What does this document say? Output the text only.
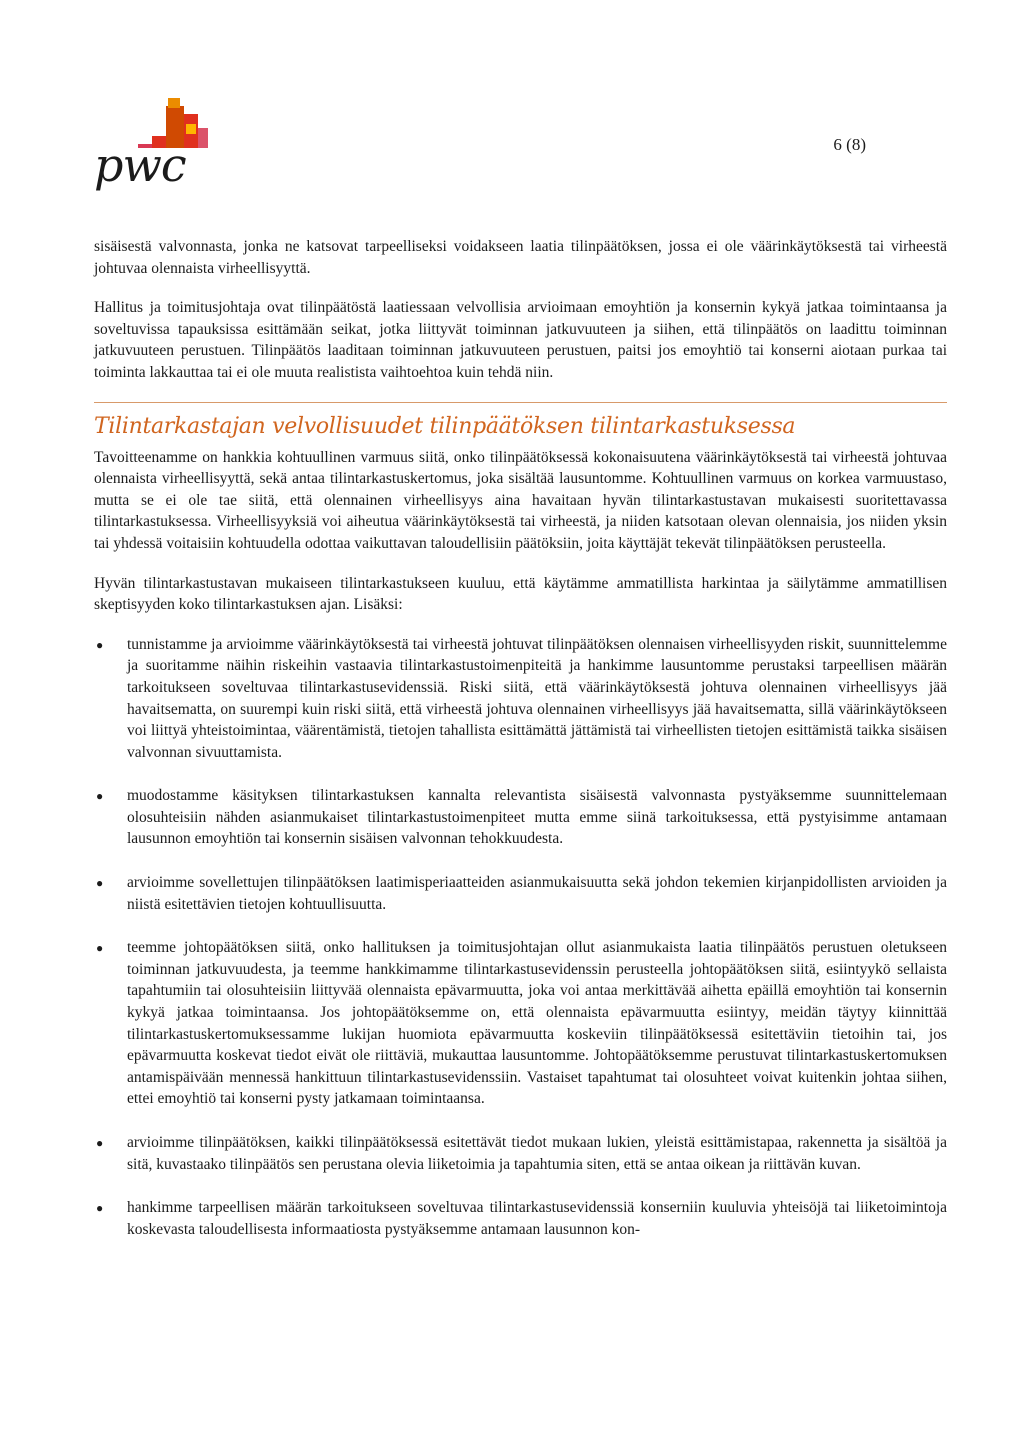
pwc	6 (8)

sisäisestä valvonnasta, jonka ne katsovat tarpeelliseksi voidakseen laatia tilinpäätöksen, jossa ei ole väärinkäytöksestä tai virheestä johtuvaa olennaista virheellisyyttä.

Hallitus ja toimitusjohtaja ovat tilinpäätöstä laatiessaan velvollisia arvioimaan emoyhtiön ja konsernin kykyä jatkaa toimintaansa ja soveltuvissa tapauksissa esittämään seikat, jotka liittyvät toiminnan jatkuvuuteen ja siihen, että tilinpäätös on laadittu toiminnan jatkuvuuteen perustuen. Tilinpäätös laaditaan toiminnan jatkuvuuteen perustuen, paitsi jos emoyhtiö tai konserni aiotaan purkaa tai toiminta lakkauttaa tai ei ole muuta realistista vaihtoehtoa kuin tehdä niin.

Tilintarkastajan velvollisuudet tilinpäätöksen tilintarkastuksessa

Tavoitteenamme on hankkia kohtuullinen varmuus siitä, onko tilinpäätöksessä kokonaisuutena väärinkäytöksestä tai virheestä johtuvaa olennaista virheellisyyttä, sekä antaa tilintarkastuskertomus, joka sisältää lausuntomme. Kohtuullinen varmuus on korkea varmuustaso, mutta se ei ole tae siitä, että olennainen virheellisyys aina havaitaan hyvän tilintarkastustavan mukaisesti suoritettavassa tilintarkastuksessa. Virheellisyyksiä voi aiheutua väärinkäytöksestä tai virheestä, ja niiden katsotaan olevan olennaisia, jos niiden yksin tai yhdessä voitaisiin kohtuudella odottaa vaikuttavan taloudellisiin päätöksiin, joita käyttäjät tekevät tilinpäätöksen perusteella.

Hyvän tilintarkastustavan mukaiseen tilintarkastukseen kuuluu, että käytämme ammatillista harkintaa ja säilytämme ammatillisen skeptisyyden koko tilintarkastuksen ajan. Lisäksi:

● tunnistamme ja arvioimme väärinkäytöksestä tai virheestä johtuvat tilinpäätöksen olennaisen virheellisyyden riskit, suunnittelemme ja suoritamme näihin riskeihin vastaavia tilintarkastustoimenpiteitä ja hankimme lausuntomme perustaksi tarpeellisen määrän tarkoitukseen soveltuvaa tilintarkastusevidenssiä. Riski siitä, että väärinkäytöksestä johtuva olennainen virheellisyys jää havaitsematta, on suurempi kuin riski siitä, että virheestä johtuva olennainen virheellisyys jää havaitsematta, sillä väärinkäytökseen voi liittyä yhteistoimintaa, väärentämistä, tietojen tahallista esittämättä jättämistä tai virheellisten tietojen esittämistä taikka sisäisen valvonnan sivuuttamista.
● muodostamme käsityksen tilintarkastuksen kannalta relevantista sisäisestä valvonnasta pystyäksemme suunnittelemaan olosuhteisiin nähden asianmukaiset tilintarkastustoimenpiteet mutta emme siinä tarkoituksessa, että pystyisimme antamaan lausunnon emoyhtiön tai konsernin sisäisen valvonnan tehokkuudesta.
● arvioimme sovellettujen tilinpäätöksen laatimisperiaatteiden asianmukaisuutta sekä johdon tekemien kirjanpidollisten arvioiden ja niistä esitettävien tietojen kohtuullisuutta.
● teemme johtopäätöksen siitä, onko hallituksen ja toimitusjohtajan ollut asianmukaista laatia tilinpäätös perustuen oletukseen toiminnan jatkuvuudesta, ja teemme hankkimamme tilintarkastusevidenssin perusteella johtopäätöksen siitä, esiintyykö sellaista tapahtumiin tai olosuhteisiin liittyvää olennaista epävarmuutta, joka voi antaa merkittävää aihetta epäillä emoyhtiön tai konsernin kykyä jatkaa toimintaansa. Jos johtopäätöksemme on, että olennaista epävarmuutta esiintyy, meidän täytyy kiinnittää tilintarkastuskertomuksessamme lukijan huomiota epävarmuutta koskeviin tilinpäätöksessä esitettäviin tietoihin tai, jos epävarmuutta koskevat tiedot eivät ole riittäviä, mukauttaa lausuntomme. Johtopäätöksemme perustuvat tilintarkastuskertomuksen antamispäivään mennessä hankittuun tilintarkastusevidenssiin. Vastaiset tapahtumat tai olosuhteet voivat kuitenkin johtaa siihen, ettei emoyhtiö tai konserni pysty jatkamaan toimintaansa.
● arvioimme tilinpäätöksen, kaikki tilinpäätöksessä esitettävät tiedot mukaan lukien, yleistä esittämistapaa, rakennetta ja sisältöä ja sitä, kuvastaako tilinpäätös sen perustana olevia liiketoimia ja tapahtumia siten, että se antaa oikean ja riittävän kuvan.
● hankimme tarpeellisen määrän tarkoitukseen soveltuvaa tilintarkastusevidenssiä konserniin kuuluvia yhteisöjä tai liiketoimintoja koskevasta taloudellisesta informaatiosta pystyäksemme antamaan lausunnon kon-
